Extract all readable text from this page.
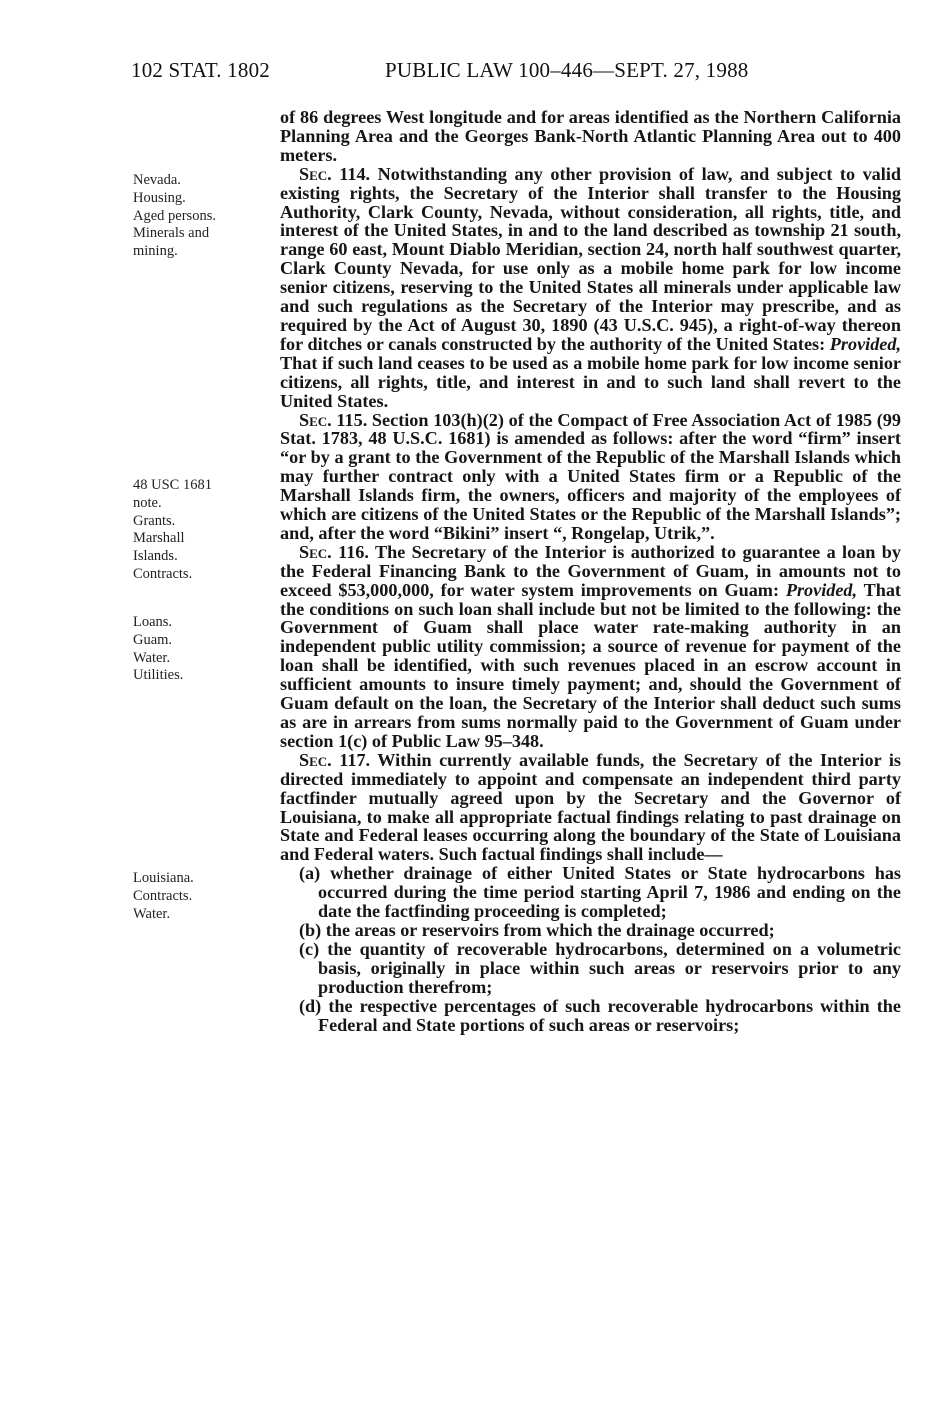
102 STAT. 1802	PUBLIC LAW 100–446—SEPT. 27, 1988
Nevada.
Housing.
Aged persons.
Minerals and
mining.
48 USC 1681
note.
Grants.
Marshall
Islands.
Contracts.
Loans.
Guam.
Water.
Utilities.
Louisiana.
Contracts.
Water.

of 86 degrees West longitude and for areas identified as the Northern California Planning Area and the Georges Bank-North Atlantic Planning Area out to 400 meters.

Sec. 114. Notwithstanding any other provision of law, and subject to valid existing rights, the Secretary of the Interior shall transfer to the Housing Authority, Clark County, Nevada, without consideration, all rights, title, and interest of the United States, in and to the land described as township 21 south, range 60 east, Mount Diablo Meridian, section 24, north half southwest quarter, Clark County Nevada, for use only as a mobile home park for low income senior citizens, reserving to the United States all minerals under applicable law and such regulations as the Secretary of the Interior may prescribe, and as required by the Act of August 30, 1890 (43 U.S.C. 945), a right-of-way thereon for ditches or canals constructed by the authority of the United States: Provided, That if such land ceases to be used as a mobile home park for low income senior citizens, all rights, title, and interest in and to such land shall revert to the United States.

Sec. 115. Section 103(h)(2) of the Compact of Free Association Act of 1985 (99 Stat. 1783, 48 U.S.C. 1681) is amended as follows: after the word “firm” insert “or by a grant to the Government of the Republic of the Marshall Islands which may further contract only with a United States firm or a Republic of the Marshall Islands firm, the owners, officers and majority of the employees of which are citizens of the United States or the Republic of the Marshall Islands”; and, after the word “Bikini” insert “, Rongelap, Utrik,”.

Sec. 116. The Secretary of the Interior is authorized to guarantee a loan by the Federal Financing Bank to the Government of Guam, in amounts not to exceed $53,000,000, for water system improvements on Guam: Provided, That the conditions on such loan shall include but not be limited to the following: the Government of Guam shall place water rate-making authority in an independent public utility commission; a source of revenue for payment of the loan shall be identified, with such revenues placed in an escrow account in sufficient amounts to insure timely payment; and, should the Government of Guam default on the loan, the Secretary of the Interior shall deduct such sums as are in arrears from sums normally paid to the Government of Guam under section 1(c) of Public Law 95–348.

Sec. 117. Within currently available funds, the Secretary of the Interior is directed immediately to appoint and compensate an independent third party factfinder mutually agreed upon by the Secretary and the Governor of Louisiana, to make all appropriate factual findings relating to past drainage on State and Federal leases occurring along the boundary of the State of Louisiana and Federal waters. Such factual findings shall include—

(a) whether drainage of either United States or State hydrocarbons has occurred during the time period starting April 7, 1986 and ending on the date the factfinding proceeding is completed;

(b) the areas or reservoirs from which the drainage occurred;

(c) the quantity of recoverable hydrocarbons, determined on a volumetric basis, originally in place within such areas or reservoirs prior to any production therefrom;

(d) the respective percentages of such recoverable hydrocarbons within the Federal and State portions of such areas or reservoirs;
